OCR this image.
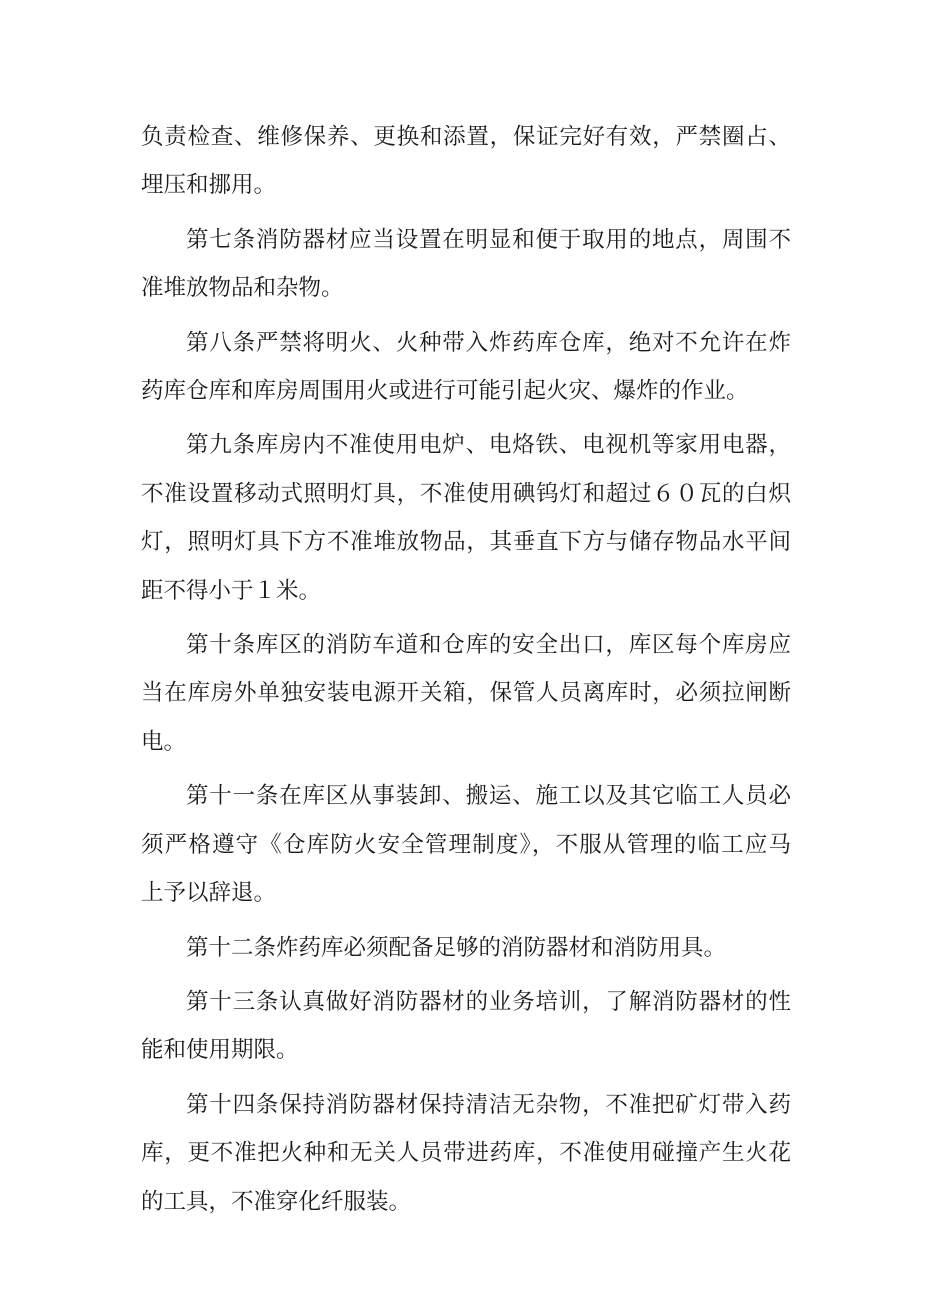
负责检查、维修保养、更换和添置，保证完好有效，严禁圈占、
埋压和挪用。
第七条消防器材应当设置在明显和便于取用的地点，周围不
准堆放物品和杂物。
第八条严禁将明火、火种带入炸药库仓库，绝对不允许在炸
药库仓库和库房周围用火或进行可能引起火灾、爆炸的作业。
第九条库房内不准使用电炉、电烙铁、电视机等家用电器，
不准设置移动式照明灯具，不准使用碘钨灯和超过６０瓦的白炽
灯，照明灯具下方不准堆放物品，其垂直下方与储存物品水平间
距不得小于１米。
第十条库区的消防车道和仓库的安全出口，库区每个库房应
当在库房外单独安装电源开关箱，保管人员离库时，必须拉闸断
电。
第十一条在库区从事装卸、搬运、施工以及其它临工人员必
须严格遵守《仓库防火安全管理制度》，不服从管理的临工应马
上予以辞退。
第十二条炸药库必须配备足够的消防器材和消防用具。
第十三条认真做好消防器材的业务培训，了解消防器材的性
能和使用期限。
第十四条保持消防器材保持清洁无杂物，不准把矿灯带入药
库，更不准把火种和无关人员带进药库，不准使用碰撞产生火花
的工具，不准穿化纤服装。
